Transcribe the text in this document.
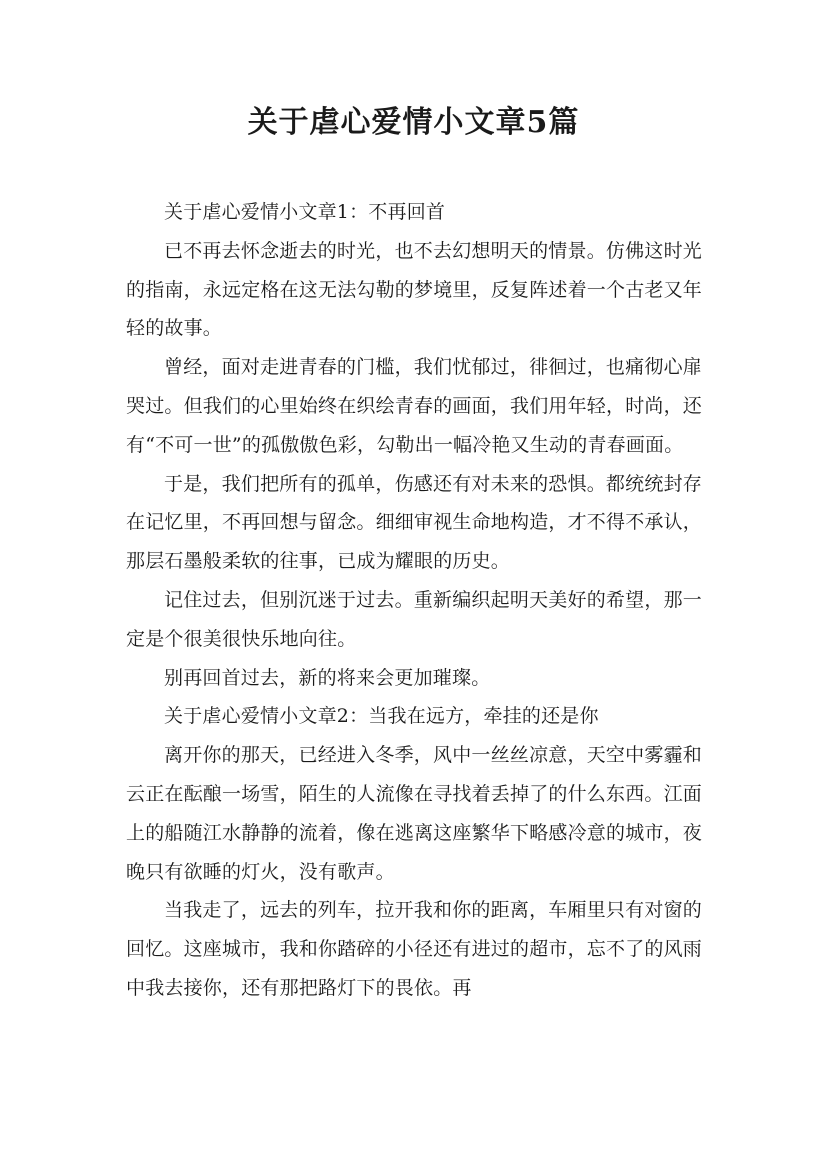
关于虐心爱情小文章5篇

关于虐心爱情小文章1：不再回首

已不再去怀念逝去的时光，也不去幻想明天的情景。仿佛这时光的指南，永远定格在这无法勾勒的梦境里，反复阵述着一个古老又年轻的故事。

曾经，面对走进青春的门槛，我们忧郁过，徘徊过，也痛彻心扉哭过。但我们的心里始终在织绘青春的画面，我们用年轻，时尚，还有“不可一世”的孤傲傲色彩，勾勒出一幅冷艳又生动的青春画面。

于是，我们把所有的孤单，伤感还有对未来的恐惧。都统统封存在记忆里，不再回想与留念。细细审视生命地构造，才不得不承认，那层石墨般柔软的往事，已成为耀眼的历史。

记住过去，但别沉迷于过去。重新编织起明天美好的希望，那一定是个很美很快乐地向往。

别再回首过去，新的将来会更加璀璨。

关于虐心爱情小文章2：当我在远方，牵挂的还是你

离开你的那天，已经进入冬季，风中一丝丝凉意，天空中雾霾和云正在酝酿一场雪，陌生的人流像在寻找着丢掉了的什么东西。江面上的船随江水静静的流着，像在逃离这座繁华下略感冷意的城市，夜晚只有欲睡的灯火，没有歌声。

当我走了，远去的列车，拉开我和你的距离，车厢里只有对窗的回忆。这座城市，我和你踏碎的小径还有进过的超市，忘不了的风雨中我去接你，还有那把路灯下的畏依。再
